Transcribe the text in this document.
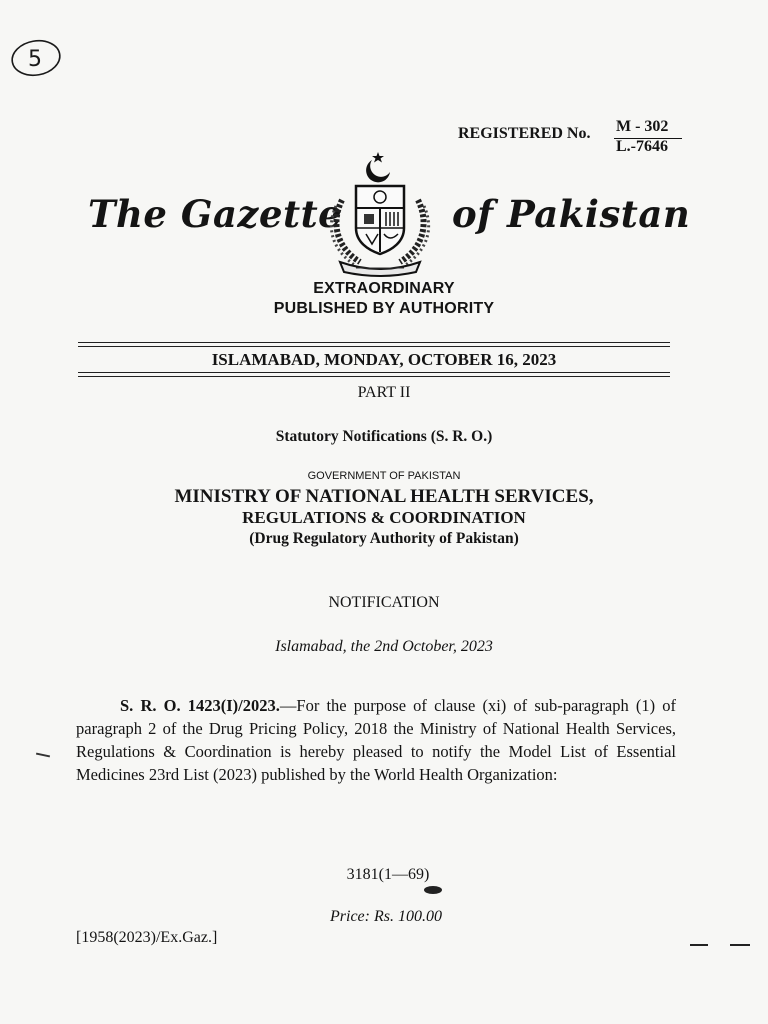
5
REGISTERED No. M - 302
L.-7646
The Gazette	of Pakistan
EXTRAORDINARY
PUBLISHED BY AUTHORITY
ISLAMABAD, MONDAY, OCTOBER 16, 2023
PART II
Statutory Notifications (S. R. O.)
GOVERNMENT OF PAKISTAN
MINISTRY OF NATIONAL HEALTH SERVICES,
REGULATIONS & COORDINATION
(Drug Regulatory Authority of Pakistan)
NOTIFICATION
Islamabad, the 2nd October, 2023
S. R. O. 1423(I)/2023.—For the purpose of clause (xi) of sub-paragraph (1) of paragraph 2 of the Drug Pricing Policy, 2018 the Ministry of National Health Services, Regulations & Coordination is hereby pleased to notify the Model List of Essential Medicines 23rd List (2023) published by the World Health Organization:
3181(1—69)
Price: Rs. 100.00
[1958(2023)/Ex.Gaz.]
